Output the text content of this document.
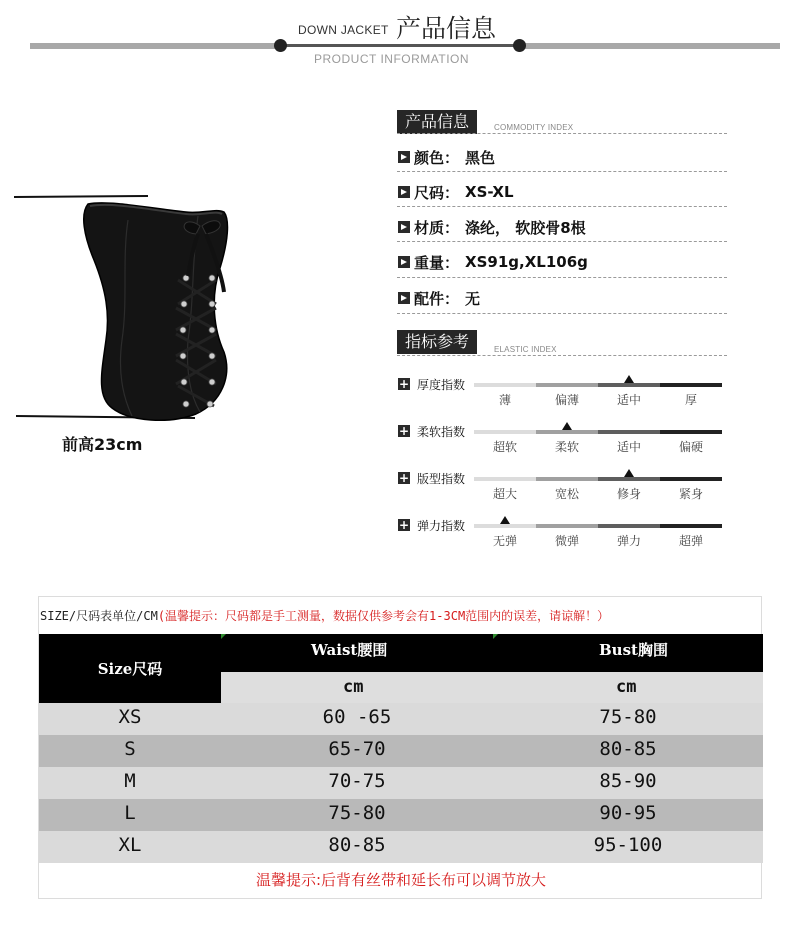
DOWN JACKET 产品信息
PRODUCT INFORMATION
前高23cm
产品信息	COMMODITY INDEX
颜色： 黑色
尺码： XS-XL
材质： 涤纶， 软胶骨8根
重量： XS91g,XL106g
配件： 无
指标参考	ELASTIC INDEX
+ 厚度指数
薄	偏薄	适中	厚
+ 柔软指数
超软	柔软	适中	偏硬
+ 版型指数
超大	宽松	修身	紧身
+ 弹力指数
无弹	微弹	弹力	超弹
SIZE/尺码表单位/CM(温馨提示：尺码都是手工测量，数据仅供参考会有1-3CM范围内的误差，请谅解！）
Size尺码
Waist腰围	Bust胸围
cm	cm
XS	60 -65	75-80
S	65-70	80-85
M	70-75	85-90
L	75-80	90-95
XL	80-85	95-100
温馨提示:后背有丝带和延长布可以调节放大
